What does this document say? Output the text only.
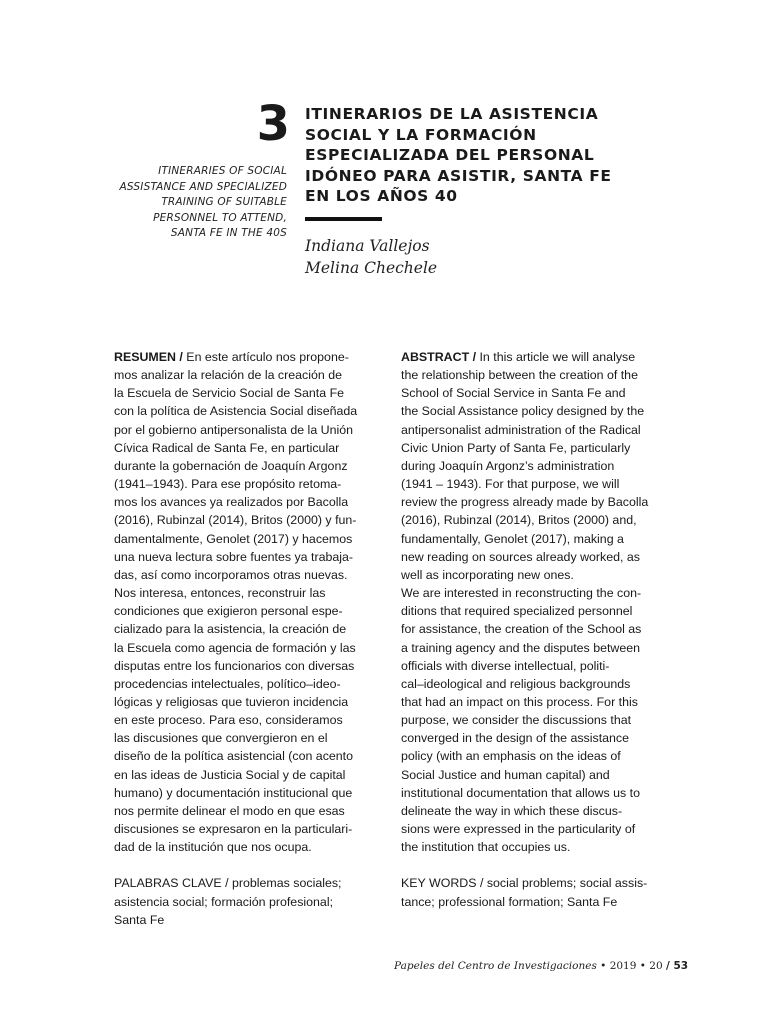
3
ITINERARIES OF SOCIAL
ASSISTANCE AND SPECIALIZED
TRAINING OF SUITABLE
PERSONNEL TO ATTEND,
SANTA FE IN THE 40S
ITINERARIOS DE LA ASISTENCIA
SOCIAL Y LA FORMACIÓN
ESPECIALIZADA DEL PERSONAL
IDÓNEO PARA ASISTIR, SANTA FE
EN LOS AÑOS 40
Indiana Vallejos
Melina Chechele
RESUMEN / En este artículo nos propone-
mos analizar la relación de la creación de
la Escuela de Servicio Social de Santa Fe
con la política de Asistencia Social diseñada
por el gobierno antipersonalista de la Unión
Cívica Radical de Santa Fe, en particular
durante la gobernación de Joaquín Argonz
(1941–1943). Para ese propósito retoma-
mos los avances ya realizados por Bacolla
(2016), Rubinzal (2014), Britos (2000) y fun-
damentalmente, Genolet (2017) y hacemos
una nueva lectura sobre fuentes ya trabaja-
das, así como incorporamos otras nuevas.
Nos interesa, entonces, reconstruir las
condiciones que exigieron personal espe-
cializado para la asistencia, la creación de
la Escuela como agencia de formación y las
disputas entre los funcionarios con diversas
procedencias intelectuales, político–ideo-
lógicas y religiosas que tuvieron incidencia
en este proceso. Para eso, consideramos
las discusiones que convergieron en el
diseño de la política asistencial (con acento
en las ideas de Justicia Social y de capital
humano) y documentación institucional que
nos permite delinear el modo en que esas
discusiones se expresaron en la particulari-
dad de la institución que nos ocupa.

PALABRAS CLAVE / problemas sociales;
asistencia social; formación profesional;
Santa Fe

ABSTRACT / In this article we will analyse
the relationship between the creation of the
School of Social Service in Santa Fe and
the Social Assistance policy designed by the
antipersonalist administration of the Radical
Civic Union Party of Santa Fe, particularly
during Joaquín Argonz’s administration
(1941 – 1943). For that purpose, we will
review the progress already made by Bacolla
(2016), Rubinzal (2014), Britos (2000) and,
fundamentally, Genolet (2017), making a
new reading on sources already worked, as
well as incorporating new ones.
We are interested in reconstructing the con-
ditions that required specialized personnel
for assistance, the creation of the School as
a training agency and the disputes between
officials with diverse intellectual, politi-
cal–ideological and religious backgrounds
that had an impact on this process. For this
purpose, we consider the discussions that
converged in the design of the assistance
policy (with an emphasis on the ideas of
Social Justice and human capital) and
institutional documentation that allows us to
delineate the way in which these discus-
sions were expressed in the particularity of
the institution that occupies us.

KEY WORDS / social problems; social assis-
tance; professional formation; Santa Fe

Papeles del Centro de Investigaciones • 2019 • 20 / 53
